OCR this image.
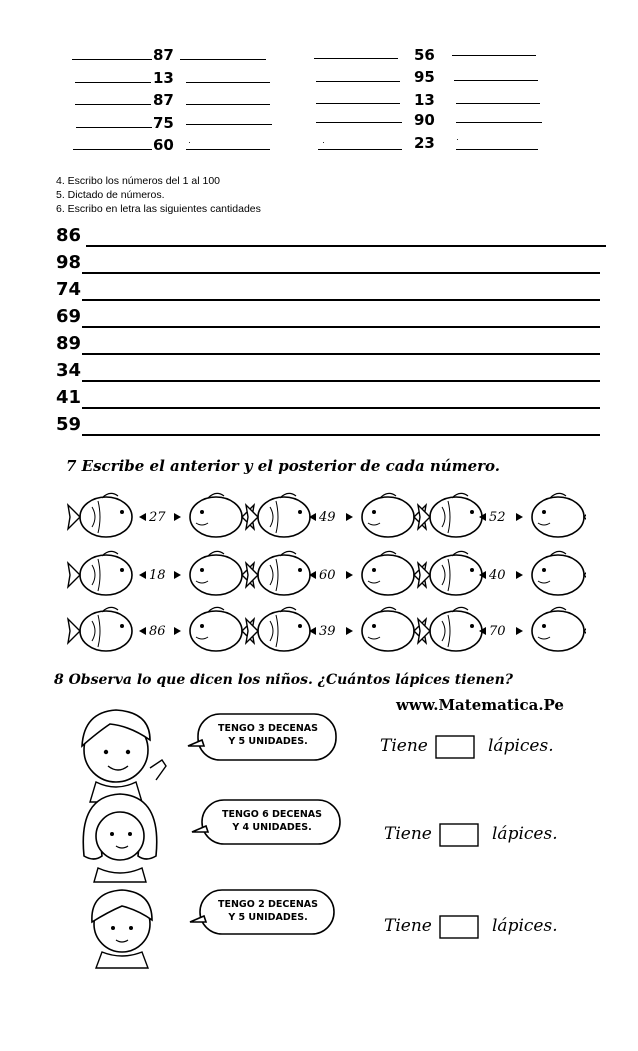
87
13
87
75
60 ·
56
95
13
90
·	23 ·
4. Escribo los números del 1 al 100
5. Dictado de números.
6. Escribo en letra las siguientes cantidades
86
98
74
69
89
34
41
59
7 Escribe el anterior y el posterior de cada número.
27	49	52
18	60	40
86	39	70
8 Observa lo que dicen los niños. ¿Cuántos lápices tienen?
www.Matematica.Pe
TENGO 3 DECENAS
Y 5 UNIDADES.
TENGO 6 DECENAS
Y 4 UNIDADES.
TENGO 2 DECENAS
Y 5 UNIDADES.
Tiene	lápices.
Tiene	lápices.
Tiene	lápices.
